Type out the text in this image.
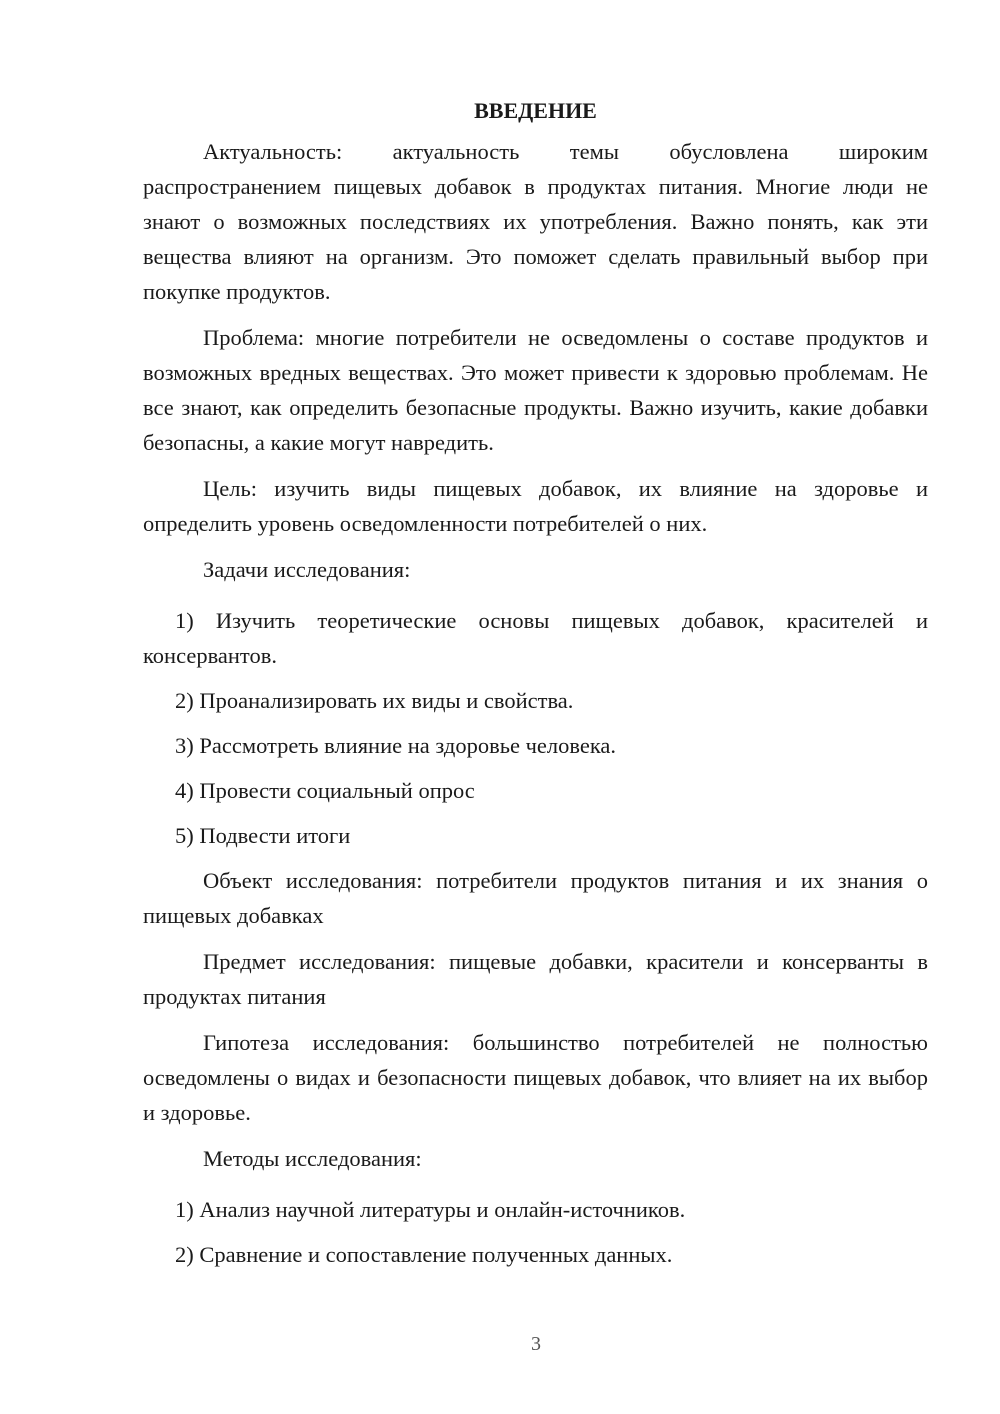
ВВЕДЕНИЕ

Актуальность: актуальность темы обусловлена широким распространением пищевых добавок в продуктах питания. Многие люди не знают о возможных последствиях их употребления. Важно понять, как эти вещества влияют на организм. Это поможет сделать правильный выбор при покупке продуктов.

Проблема: многие потребители не осведомлены о составе продуктов и возможных вредных веществах. Это может привести к здоровью проблемам. Не все знают, как определить безопасные продукты. Важно изучить, какие добавки безопасны, а какие могут навредить.

Цель: изучить виды пищевых добавок, их влияние на здоровье и определить уровень осведомленности потребителей о них.

Задачи исследования:

1) Изучить теоретические основы пищевых добавок, красителей и консервантов.

2) Проанализировать их виды и свойства.

3) Рассмотреть влияние на здоровье человека.

4) Провести социальный опрос

5) Подвести итоги

Объект исследования: потребители продуктов питания и их знания о пищевых добавках

Предмет исследования: пищевые добавки, красители и консерванты в продуктах питания

Гипотеза исследования: большинство потребителей не полностью осведомлены о видах и безопасности пищевых добавок, что влияет на их выбор и здоровье.

Методы исследования:

1) Анализ научной литературы и онлайн-источников.

2) Сравнение и сопоставление полученных данных.

3
